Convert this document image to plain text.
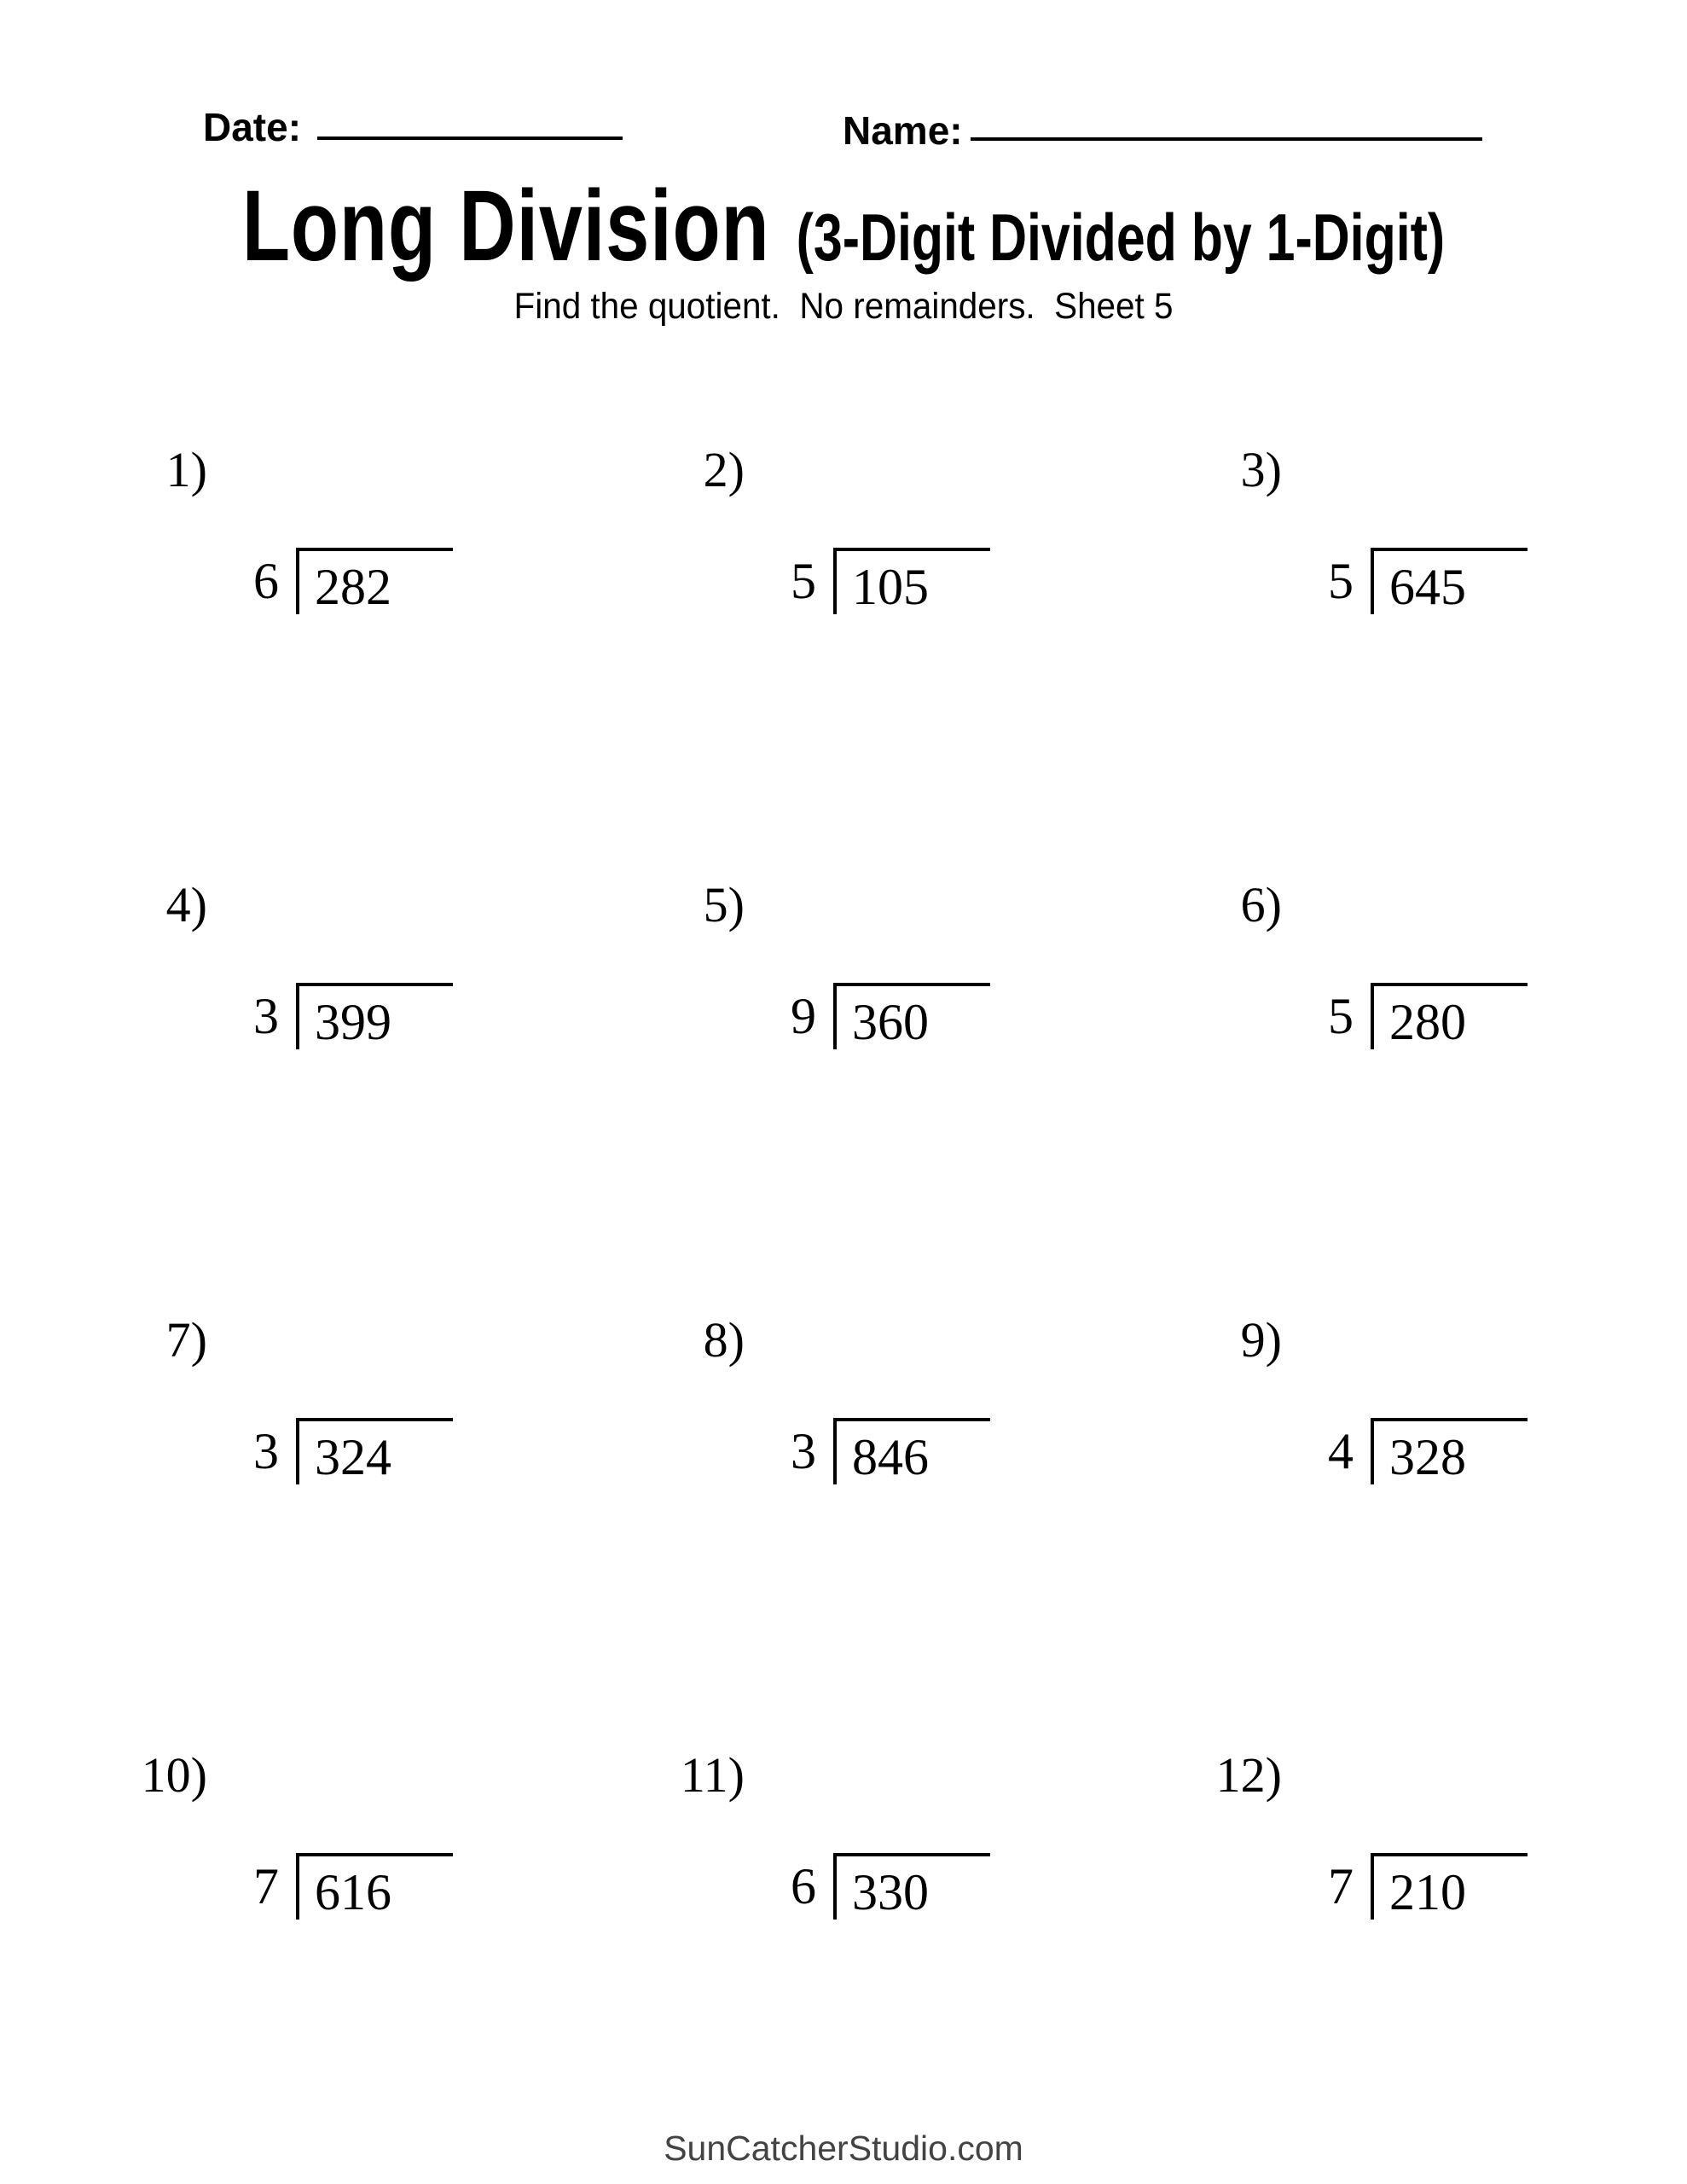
Date:	Name:
Long Division (3-Digit Divided by 1-Digit)
Find the quotient.  No remainders.  Sheet 5
1)
6 282
2)
5 105
3)
5 645
4)
3 399
5)
9 360
6)
5 280
7)
3 324
8)
3 846
9)
4 328
10)
7 616
11)
6 330
12)
7 210
SunCatcherStudio.com
